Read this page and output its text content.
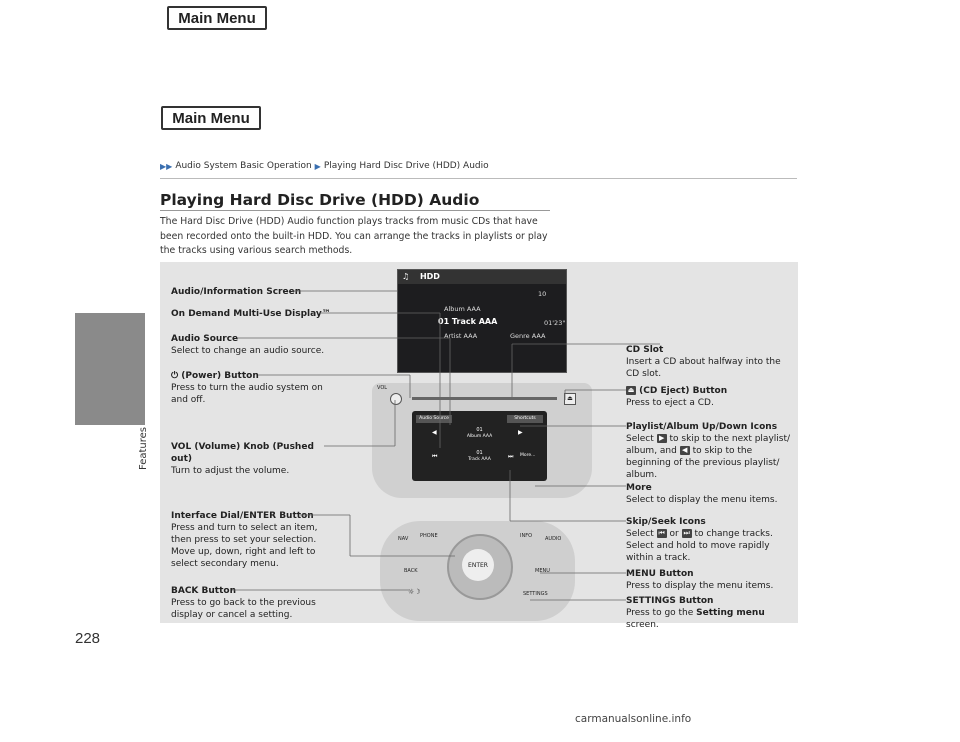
Main Menu
Main Menu
Features
228
▶▶ Audio System Basic Operation ▶ Playing Hard Disc Drive (HDD) Audio
Playing Hard Disc Drive (HDD) Audio
The Hard Disc Drive (HDD) Audio function plays tracks from music CDs that have been recorded onto the built-in HDD. You can arrange the tracks in playlists or play the tracks using various search methods.
♫ HDD
10
Album AAA
01 Track AAA	01'23"
Artist AAA	Genre AAA
VOL
⏏
Audio Source	Shortcuts
01
Album AAA
◀	▶
01
Track AAA
⏮	⏭ More...
NAV PHONE	INFO	AUDIO
BACK	MENU
SETTINGS
☼☽
ENTER
Audio/Information Screen
On Demand Multi-Use Display™
Audio Source
Select to change an audio source.
⏻ (Power) Button
Press to turn the audio system on and off.
VOL (Volume) Knob (Pushed out)
Turn to adjust the volume.
Interface Dial/ENTER Button
Press and turn to select an item, then press to set your selection.
Move up, down, right and left to select secondary menu.
BACK Button
Press to go back to the previous display or cancel a setting.
CD Slot
Insert a CD about halfway into the CD slot.
⏏ (CD Eject) Button
Press to eject a CD.
Playlist/Album Up/Down Icons
Select ▶ to skip to the next playlist/ album, and ◀ to skip to the beginning of the previous playlist/ album.
More
Select to display the menu items.
Skip/Seek Icons
Select ⏮ or ⏭ to change tracks.
Select and hold to move rapidly within a track.
MENU Button
Press to display the menu items.
SETTINGS Button
Press to go the Setting menu screen.
carmanualsonline.info
